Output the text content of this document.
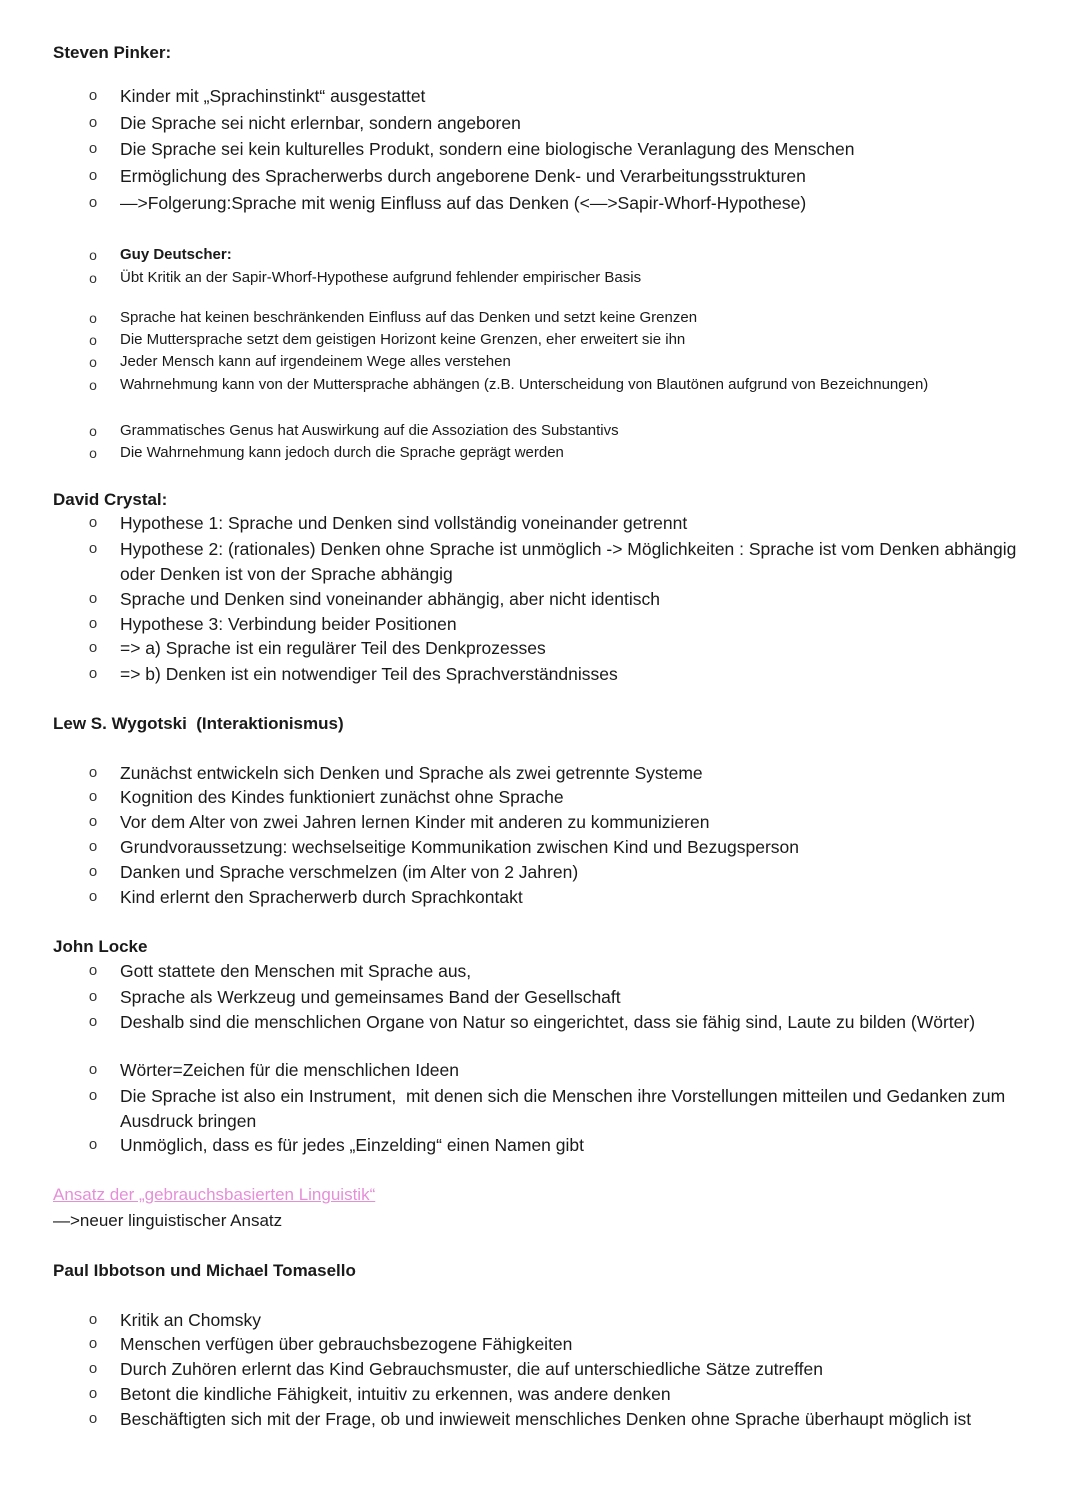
Steven Pinker:
o Kinder mit „Sprachinstinkt“ ausgestattet
o Die Sprache sei nicht erlernbar, sondern angeboren
o Die Sprache sei kein kulturelles Produkt, sondern eine biologische Veranlagung des Menschen
o Ermöglichung des Spracherwerbs durch angeborene Denk- und Verarbeitungsstrukturen
o —>Folgerung:Sprache mit wenig Einfluss auf das Denken (<—>Sapir-Whorf-Hypothese)
o Guy Deutscher:
o Übt Kritik an der Sapir-Whorf-Hypothese aufgrund fehlender empirischer Basis
o Sprache hat keinen beschränkenden Einfluss auf das Denken und setzt keine Grenzen
o Die Muttersprache setzt dem geistigen Horizont keine Grenzen, eher erweitert sie ihn
o Jeder Mensch kann auf irgendeinem Wege alles verstehen
o Wahrnehmung kann von der Muttersprache abhängen (z.B. Unterscheidung von Blautönen aufgrund von Bezeichnungen)
o Grammatisches Genus hat Auswirkung auf die Assoziation des Substantivs
o Die Wahrnehmung kann jedoch durch die Sprache geprägt werden
David Crystal:
o Hypothese 1: Sprache und Denken sind vollständig voneinander getrennt
o Hypothese 2: (rationales) Denken ohne Sprache ist unmöglich -> Möglichkeiten : Sprache ist vom Denken abhängig oder Denken ist von der Sprache abhängig
o Sprache und Denken sind voneinander abhängig, aber nicht identisch
o Hypothese 3: Verbindung beider Positionen
o => a) Sprache ist ein regulärer Teil des Denkprozesses
o => b) Denken ist ein notwendiger Teil des Sprachverständnisses
Lew S. Wygotski  (Interaktionismus)
o Zunächst entwickeln sich Denken und Sprache als zwei getrennte Systeme
o Kognition des Kindes funktioniert zunächst ohne Sprache
o Vor dem Alter von zwei Jahren lernen Kinder mit anderen zu kommunizieren
o Grundvoraussetzung: wechselseitige Kommunikation zwischen Kind und Bezugsperson
o Danken und Sprache verschmelzen (im Alter von 2 Jahren)
o Kind erlernt den Spracherwerb durch Sprachkontakt
John Locke
o Gott stattete den Menschen mit Sprache aus,
o Sprache als Werkzeug und gemeinsames Band der Gesellschaft
o Deshalb sind die menschlichen Organe von Natur so eingerichtet, dass sie fähig sind, Laute zu bilden (Wörter)
o Wörter=Zeichen für die menschlichen Ideen
o Die Sprache ist also ein Instrument,  mit denen sich die Menschen ihre Vorstellungen mitteilen und Gedanken zum Ausdruck bringen
o Unmöglich, dass es für jedes „Einzelding“ einen Namen gibt
Ansatz der „gebrauchsbasierten Linguistik“
—>neuer linguistischer Ansatz
Paul Ibbotson und Michael Tomasello
o Kritik an Chomsky
o Menschen verfügen über gebrauchsbezogene Fähigkeiten
o Durch Zuhören erlernt das Kind Gebrauchsmuster, die auf unterschiedliche Sätze zutreffen
o Betont die kindliche Fähigkeit, intuitiv zu erkennen, was andere denken
o Beschäftigten sich mit der Frage, ob und inwieweit menschliches Denken ohne Sprache überhaupt möglich ist
